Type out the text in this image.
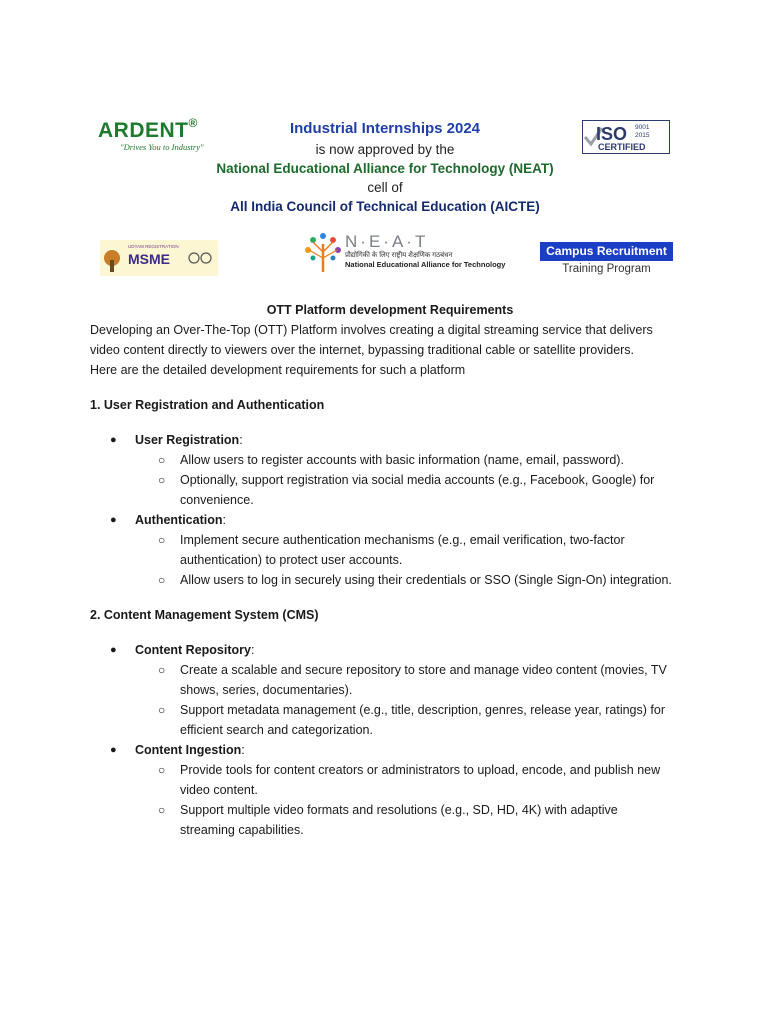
ARDENT®
"Drives You to Industry"
Industrial Internships 2024
is now approved by the
National Educational Alliance for Technology (NEAT)
cell of
All India Council of Technical Education (AICTE)
ISO 9001
2015
CERTIFIED
UDYAM REGISTRATION
MSME
N·E·A·T
प्रौद्योगिकी के लिए राष्ट्रीय शैक्षणिक गठबंधन
National Educational Alliance for Technology
Campus Recruitment
Training Program
OTT Platform development Requirements

Developing an Over-The-Top (OTT) Platform involves creating a digital streaming service that delivers

video content directly to viewers over the internet, bypassing traditional cable or satellite providers.

Here are the detailed development requirements for such a platform

1. User Registration and Authentication
● User Registration:
○ Allow users to register accounts with basic information (name, email, password).
○ Optionally, support registration via social media accounts (e.g., Facebook, Google) for
convenience.
● Authentication:
○ Implement secure authentication mechanisms (e.g., email verification, two-factor
authentication) to protect user accounts.
○ Allow users to log in securely using their credentials or SSO (Single Sign-On) integration.
2. Content Management System (CMS)
● Content Repository:
○ Create a scalable and secure repository to store and manage video content (movies, TV
shows, series, documentaries).
○ Support metadata management (e.g., title, description, genres, release year, ratings) for
efficient search and categorization.
● Content Ingestion:
○ Provide tools for content creators or administrators to upload, encode, and publish new
video content.
○ Support multiple video formats and resolutions (e.g., SD, HD, 4K) with adaptive
streaming capabilities.
